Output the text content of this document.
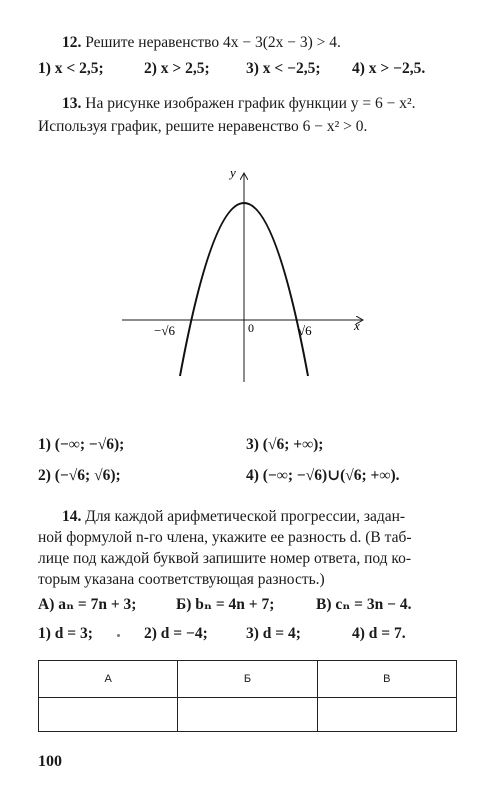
12. Решите неравенство 4x − 3(2x − 3) > 4.
1) x < 2,5;	2) x > 2,5; 3) x < −2,5; 4) x > −2,5.
13. На рисунке изображен график функции y = 6 − x².
Используя график, решите неравенство 6 − x² > 0.
y
x
0
−√6	√6
1) (−∞; −√6);	3) (√6; +∞);
2) (−√6; √6);	4) (−∞; −√6)∪(√6; +∞).
14. Для каждой арифметической прогрессии, задан-
ной формулой n-го члена, укажите ее разность d. (В таб-
лице под каждой буквой запишите номер ответа, под ко-
торым указана соответствующая разность.)
А) aₙ = 7n + 3;	Б) bₙ = 4n + 7;	В) cₙ = 3n − 4.
1) d = 3;	2) d = −4; 3) d = 4;	4) d = 7.
А	Б	В

100
